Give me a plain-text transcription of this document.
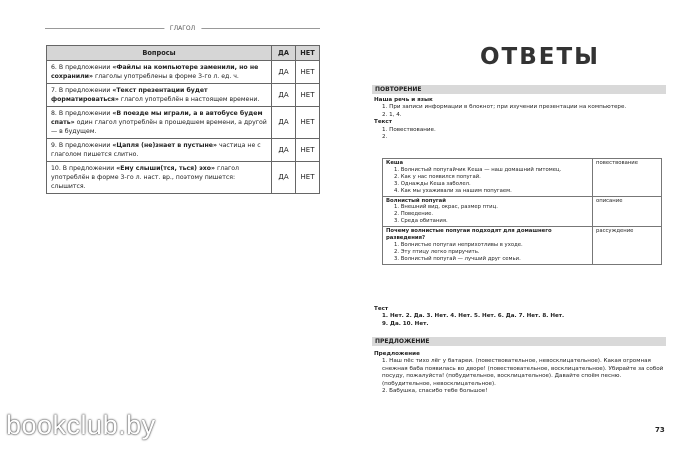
ГЛАГОЛ
Вопросы	ДА	НЕТ
6. В предложении «Файлы на компьютере заменили, но не сохранили» глаголы употреблены в форме 3-го л. ед. ч.	ДА	НЕТ
7. В предложении «Текст презентации будет форматироваться» глагол употреблён в настоящем времени.	ДА	НЕТ
8. В предложении «В поезде мы играли, а в автобусе будем спать» один глагол употреблён в прошедшем времени, а другой — в будущем.	ДА	НЕТ
9. В предложении «Цапля (не)знает в пустыне» частица не с глаголом пишется слитно.	ДА	НЕТ
10. В предложении «Ему слыши(тся, ться) эхо» глагол употреблён в форме 3-го л. наст. вр., поэтому пишется: слышится.	ДА	НЕТ
bookclub.by
ОТВЕТЫ
ПОВТОРЕНИЕ
Наша речь и язык
1. При записи информации в блокнот; при изучении презентации на компьютере.
2. 1, 4.
Текст
1. Повествование.
2.
Кеша
1. Волнистый попугайчик Кеша — наш домашний питомец.
2. Как у нас появился попугай.
3. Однажды Кеша заболел.
4. Как мы ухаживали за нашим попугаем.	повествование

Волнистый попугай
1. Внешний вид, окрас, размер птиц.
2. Поведение.
3. Среда обитания.	описание

Почему волнистые попугаи подходят для домашнего разведения?
1. Волнистые попугаи неприхотливы в уходе.
2. Эту птицу легко приручить.
3. Волнистый попугай — лучший друг семьи.	рассуждение
Тест
1. Нет. 2. Да. 3. Нет. 4. Нет. 5. Нет. 6. Да. 7. Нет. 8. Нет.
9. Да. 10. Нет.
ПРЕДЛОЖЕНИЕ
Предложение
1. Наш пёс тихо лёг у батареи. (повествовательное, невосклицательное). Какая огромная снежная баба появилась во дворе! (повествовательное, восклицательное). Убирайте за собой посуду, пожалуйста! (побудительное, восклицательное). Давайте споём песню. (побудительное, невосклицательное).
2. Бабушка, спасибо тебе большое!
73
